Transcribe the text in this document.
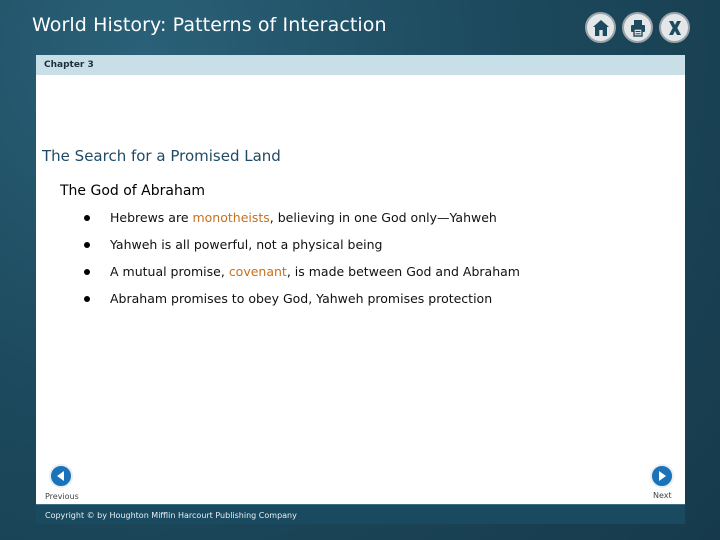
World History: Patterns of Interaction
Chapter 3
The Search for a Promised Land
The God of Abraham
Hebrews are monotheists, believing in one God only—Yahweh
Yahweh is all powerful, not a physical being
A mutual promise, covenant, is made between God and Abraham
Abraham promises to obey God, Yahweh promises protection
Previous	Next
Copyright © by Houghton Mifflin Harcourt Publishing Company
